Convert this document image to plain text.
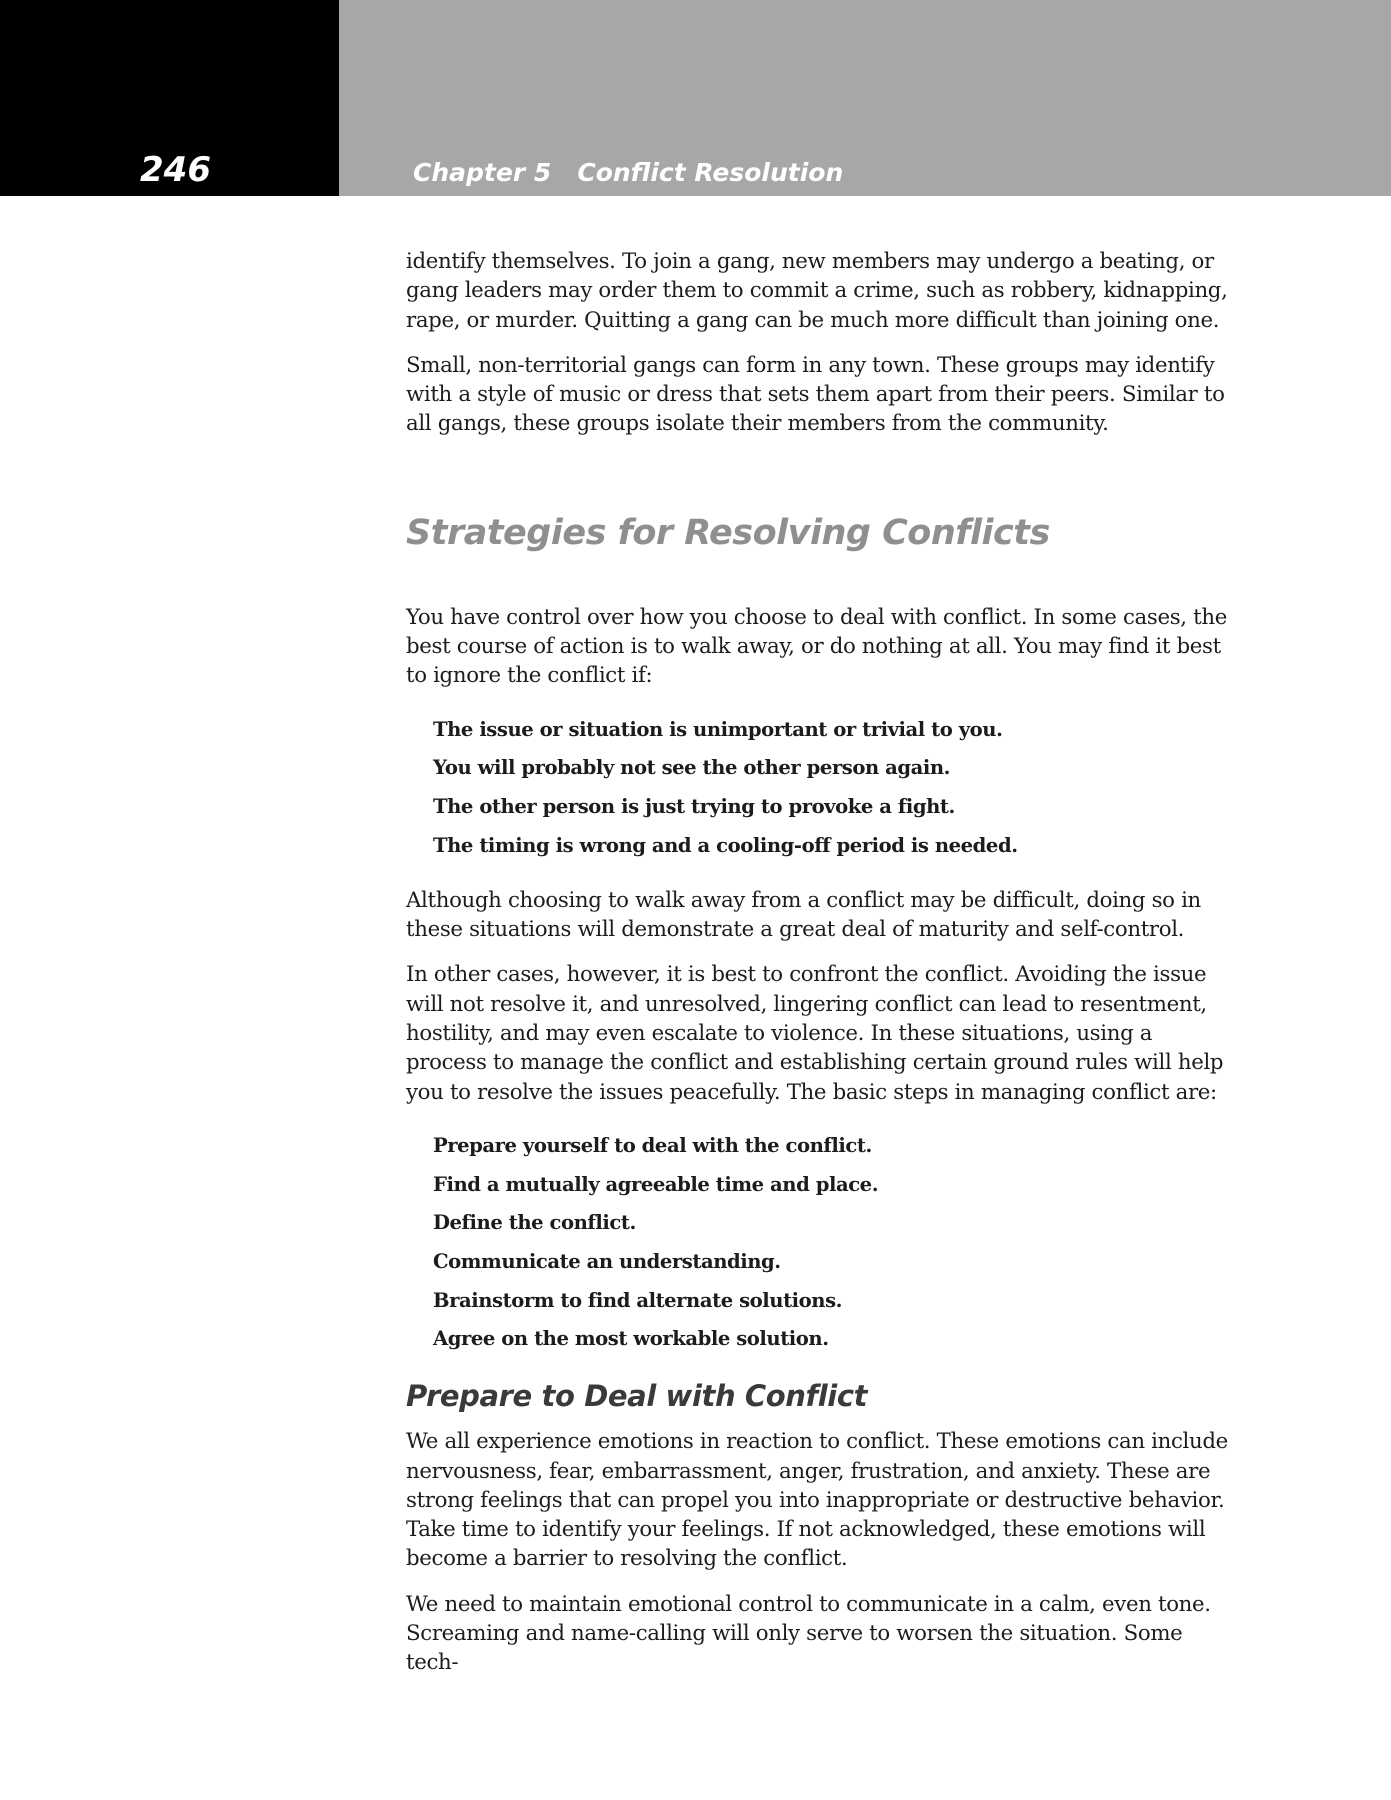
246	Chapter 5   Conflict Resolution

identify themselves. To join a gang, new members may undergo a beating, or gang leaders may order them to commit a crime, such as robbery, kidnapping, rape, or murder. Quitting a gang can be much more difficult than joining one.

Small, non-territorial gangs can form in any town. These groups may identify with a style of music or dress that sets them apart from their peers. Similar to all gangs, these groups isolate their members from the community.

Strategies for Resolving Conflicts

You have control over how you choose to deal with conflict. In some cases, the best course of action is to walk away, or do nothing at all. You may find it best to ignore the conflict if:

The issue or situation is unimportant or trivial to you.
You will probably not see the other person again.
The other person is just trying to provoke a fight.
The timing is wrong and a cooling-off period is needed.

Although choosing to walk away from a conflict may be difficult, doing so in these situations will demonstrate a great deal of maturity and self-control.

In other cases, however, it is best to confront the conflict. Avoiding the issue will not resolve it, and unresolved, lingering conflict can lead to resentment, hostility, and may even escalate to violence. In these situations, using a process to manage the conflict and establishing certain ground rules will help you to resolve the issues peacefully. The basic steps in managing conflict are:

Prepare yourself to deal with the conflict.
Find a mutually agreeable time and place.
Define the conflict.
Communicate an understanding.
Brainstorm to find alternate solutions.
Agree on the most workable solution.
Prepare to Deal with Conflict

We all experience emotions in reaction to conflict. These emotions can include nervousness, fear, embarrassment, anger, frustration, and anxiety. These are strong feelings that can propel you into inappropriate or destructive behavior. Take time to identify your feelings. If not acknowledged, these emotions will become a barrier to resolving the conflict.

We need to maintain emotional control to communicate in a calm, even tone. Screaming and name-calling will only serve to worsen the situation. Some tech-
